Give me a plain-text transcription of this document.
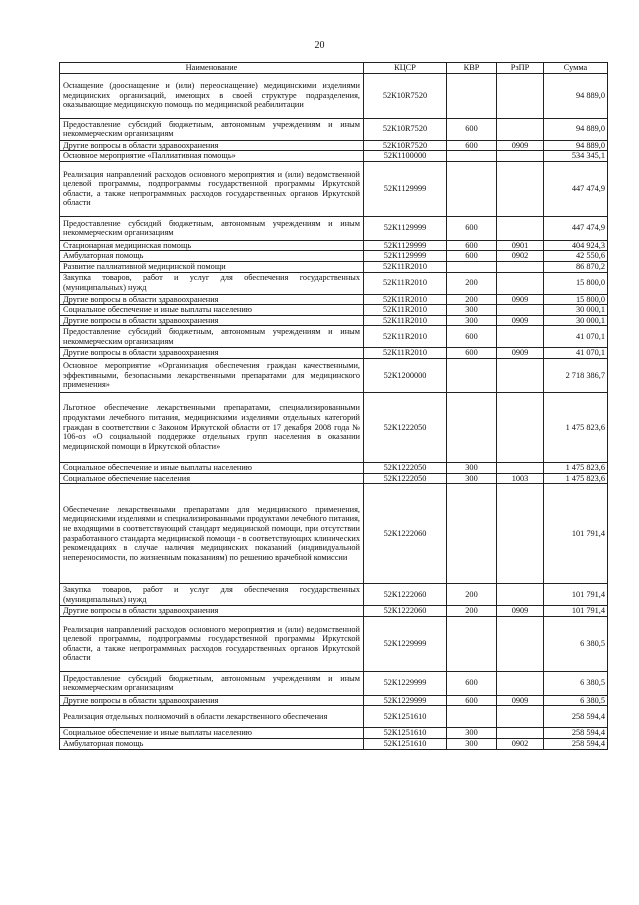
20
Наименование	КЦСР	КВР	РзПР	Сумма
Оснащение (дооснащение и (или) переоснащение) медицинскими изделиями медицинских организаций, имеющих в своей структуре подразделения, оказывающие медицинскую помощь по медицинской реабилитации	52К10R7520			94 889,0
Предоставление субсидий бюджетным, автономным учреждениям и иным некоммерческим организациям	52К10R7520	600		94 889,0
Другие вопросы в области здравоохранения	52К10R7520	600	0909	94 889,0
Основное мероприятие «Паллиативная помощь»	52К1100000			534 345,1
Реализация направлений расходов основного мероприятия и (или) ведомственной целевой программы, подпрограммы государственной программы Иркутской области, а также непрограммных расходов государственных органов Иркутской области	52К1129999			447 474,9
Предоставление субсидий бюджетным, автономным учреждениям и иным некоммерческим организациям	52К1129999	600		447 474,9
Стационарная медицинская помощь	52К1129999	600	0901	404 924,3
Амбулаторная помощь	52К1129999	600	0902	42 550,6
Развитие паллиативной медицинской помощи	52К11R2010			86 870,2
Закупка товаров, работ и услуг для обеспечения государственных (муниципальных) нужд	52К11R2010	200		15 800,0
Другие вопросы в области здравоохранения	52К11R2010	200	0909	15 800,0
Социальное обеспечение и иные выплаты населению	52К11R2010	300		30 000,1
Другие вопросы в области здравоохранения	52К11R2010	300	0909	30 000,1
Предоставление субсидий бюджетным, автономным учреждениям и иным некоммерческим организациям	52К11R2010	600		41 070,1
Другие вопросы в области здравоохранения	52К11R2010	600	0909	41 070,1
Основное мероприятие «Организация обеспечения граждан качественными, эффективными, безопасными лекарственными препаратами для медицинского применения»	52К1200000			2 718 386,7
Льготное обеспечение лекарственными препаратами, специализированными продуктами лечебного питания, медицинскими изделиями отдельных категорий граждан в соответствии с Законом Иркутской области от 17 декабря 2008 года № 106-оз «О социальной поддержке отдельных групп населения в оказании медицинской помощи в Иркутской области»	52К1222050			1 475 823,6
Социальное обеспечение и иные выплаты населению	52К1222050	300		1 475 823,6
Социальное обеспечение населения	52К1222050	300	1003	1 475 823,6
Обеспечение лекарственными препаратами для медицинского применения, медицинскими изделиями и специализированными продуктами лечебного питания, не входящими в соответствующий стандарт медицинской помощи, при отсутствии разработанного стандарта медицинской помощи - в соответствующих клинических рекомендациях в случае наличия медицинских показаний (индивидуальной непереносимости, по жизненным показаниям) по решению врачебной комиссии	52К1222060			101 791,4
Закупка товаров, работ и услуг для обеспечения государственных (муниципальных) нужд	52К1222060	200		101 791,4
Другие вопросы в области здравоохранения	52К1222060	200	0909	101 791,4
Реализация направлений расходов основного мероприятия и (или) ведомственной целевой программы, подпрограммы государственной программы Иркутской области, а также непрограммных расходов государственных органов Иркутской области	52К1229999			6 380,5
Предоставление субсидий бюджетным, автономным учреждениям и иным некоммерческим организациям	52К1229999	600		6 380,5
Другие вопросы в области здравоохранения	52К1229999	600	0909	6 380,5
Реализация отдельных полномочий в области лекарственного обеспечения	52К1251610			258 594,4
Социальное обеспечение и иные выплаты населению	52К1251610	300		258 594,4
Амбулаторная помощь	52К1251610	300	0902	258 594,4
